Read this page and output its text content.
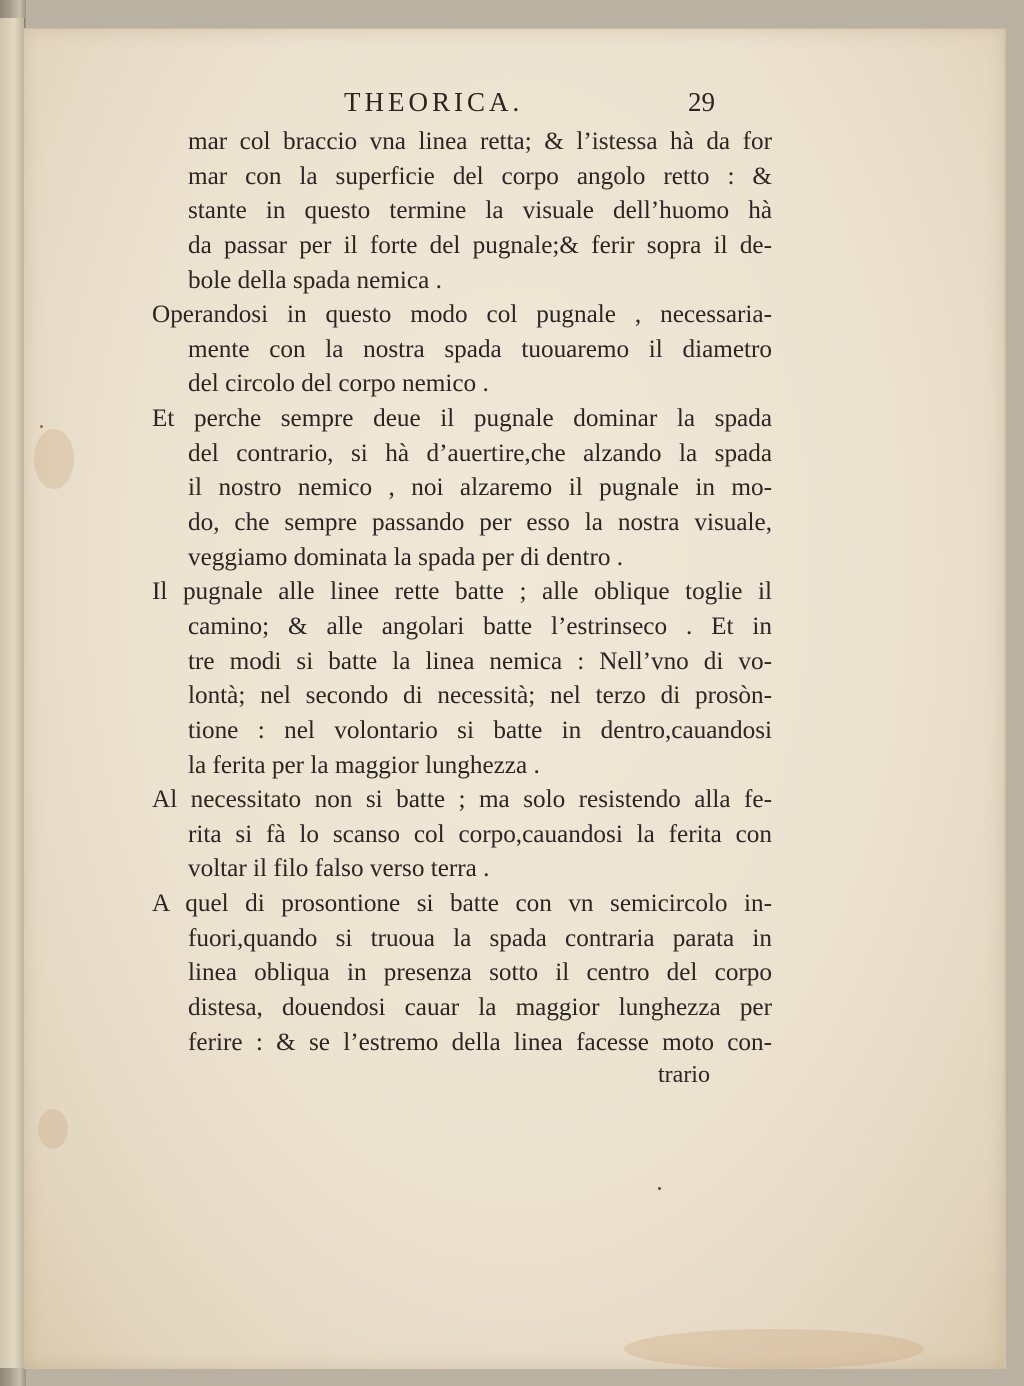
THEORICA.	29
mar col braccio vna linea retta; & l’istessa hà da for
mar con la superficie del corpo angolo retto : &
stante in questo termine la visuale dell’huomo hà
da passar per il forte del pugnale;& ferir sopra il de-
bole della spada nemica .
Operandosi in questo modo col pugnale , necessaria-
mente con la nostra spada tuouaremo il diametro
del circolo del corpo nemico .
Et perche sempre deue il pugnale dominar la spada
del contrario, si hà d’auertire,che alzando la spada
il nostro nemico , noi alzaremo il pugnale in mo-
do, che sempre passando per esso la nostra visuale,
veggiamo dominata la spada per di dentro .
Il pugnale alle linee rette batte ; alle oblique toglie il
camino; & alle angolari batte l’estrinseco . Et in
tre modi si batte la linea nemica : Nell’vno di vo-
lontà; nel secondo di necessità; nel terzo di prosòn-
tione : nel volontario si batte in dentro,cauandosi
la ferita per la maggior lunghezza .
Al necessitato non si batte ; ma solo resistendo alla fe-
rita si fà lo scanso col corpo,cauandosi la ferita con
voltar il filo falso verso terra .
A quel di prosontione si batte con vn semicircolo in-
fuori,quando si truoua la spada contraria parata in
linea obliqua in presenza sotto il centro del corpo
distesa, douendosi cauar la maggior lunghezza per
ferire : & se l’estremo della linea facesse moto con-
trario
